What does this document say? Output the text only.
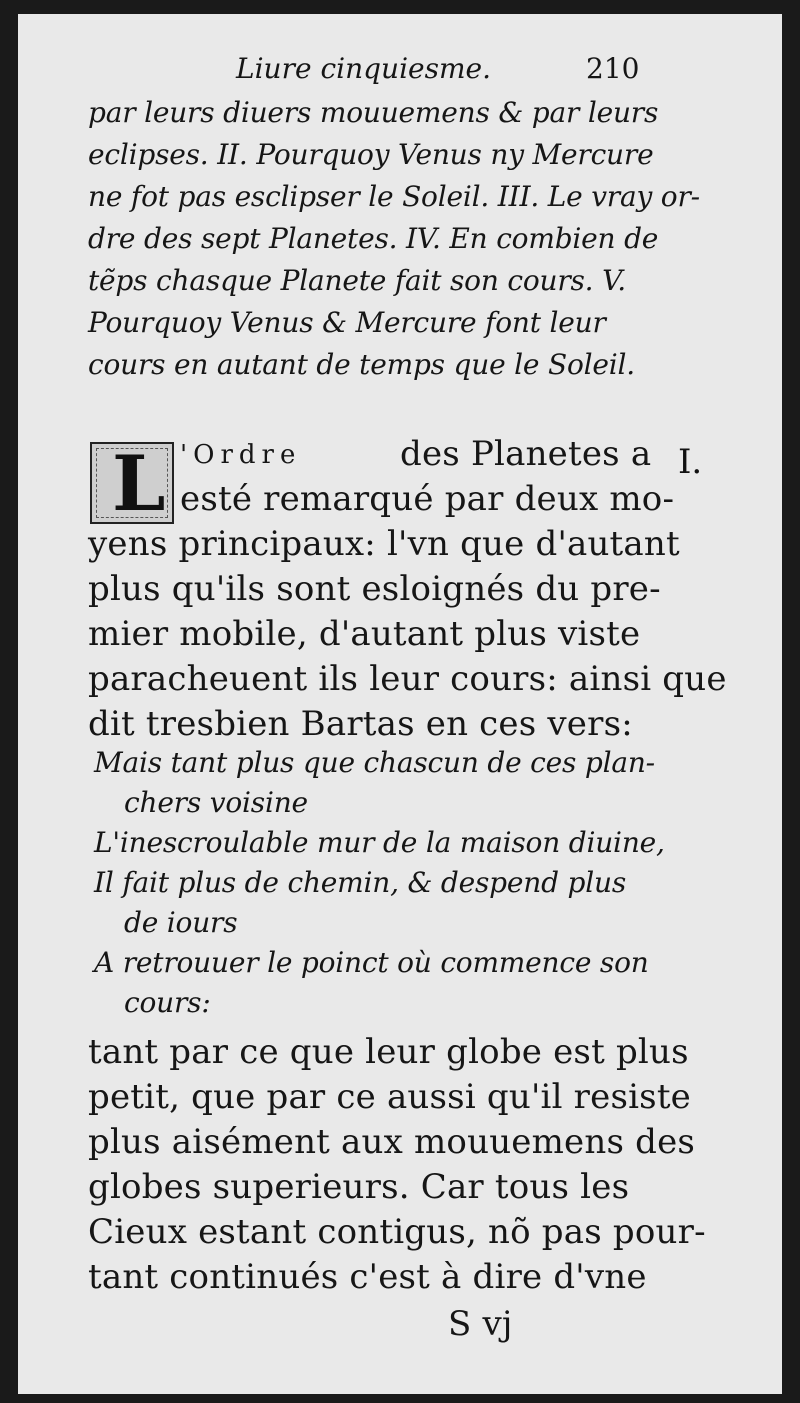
Liure cinquiesme.	210
par leurs diuers mouuemens & par leurs
eclipses. II. Pourquoy Venus ny Mercure
ne fot pas esclipser le Soleil. III. Le vray or-
dre des sept Planetes. IV. En combien de
tẽps chasque Planete fait son cours. V.
Pourquoy Venus & Mercure font leur
cours en autant de temps que le Soleil.
L 'Ordre	des Planetes a I.
esté remarqué par deux mo-
yens principaux: l'vn que d'autant
plus qu'ils sont esloignés du pre-
mier mobile, d'autant plus viste
paracheuent ils leur cours: ainsi que
dit tresbien Bartas en ces vers:
Mais tant plus que chascun de ces plan-
chers voisine
L'inescroulable mur de la maison diuine,
Il fait plus de chemin, & despend plus
de iours
A retrouuer le poinct où commence son
cours:
tant par ce que leur globe est plus
petit, que par ce aussi qu'il resiste
plus aisément aux mouuemens des
globes superieurs. Car tous les
Cieux estant contigus, nõ pas pour-
tant continués c'est à dire d'vne
S vj
